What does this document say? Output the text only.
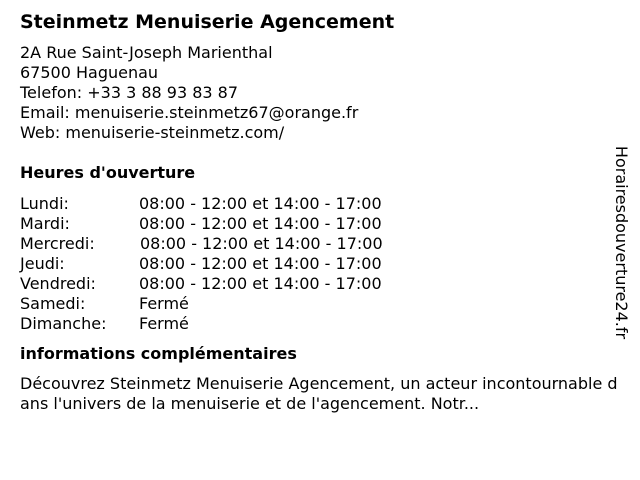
Steinmetz Menuiserie Agencement
2A Rue Saint-Joseph Marienthal
67500 Haguenau
Telefon: +33 3 88 93 83 87
Email: menuiserie.steinmetz67@orange.fr
Web: menuiserie-steinmetz.com/
Heures d'ouverture
Lundi:	08:00 - 12:00 et 14:00 - 17:00
Mardi:	08:00 - 12:00 et 14:00 - 17:00
Mercredi:	08:00 - 12:00 et 14:00 - 17:00
Jeudi:	08:00 - 12:00 et 14:00 - 17:00
Vendredi:	08:00 - 12:00 et 14:00 - 17:00
Samedi:	Fermé
Dimanche: Fermé
informations complémentaires
Découvrez Steinmetz Menuiserie Agencement, un acteur incontournable dans l'univers de la menuiserie et de l'agencement. Notr...
Horairesdouverture24.fr
